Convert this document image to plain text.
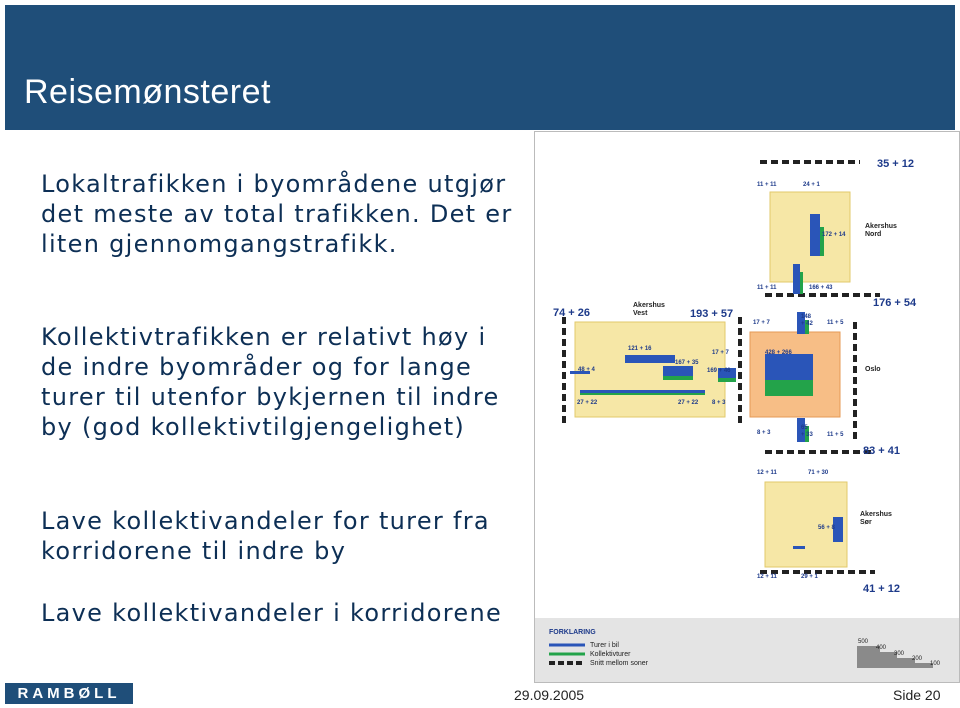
Reisemønsteret
Lokaltrafikken i byområdene utgjør det meste av total trafikken. Det er liten gjennomgangstrafikk.
Kollektivtrafikken er relativt høy i de indre byområder og for lange turer til utenfor bykjernen til indre by (god kollektivtilgjengelighet)
Lave kollektivandeler for turer fra korridorene til indre by
Lave kollektivandeler i korridorene
Akershus Vest
Akershus Nord
Oslo
Akershus Sør
74 + 26
48 + 4
27 + 22
121 + 16
167 + 35
27 + 22
193 + 57
17 + 7
169 + 46
8 + 3
35 + 12
11 + 11	24 + 1
172 + 14
11 + 11	166 + 43
176 + 54
17 + 7
148 + 42 11 + 5
428 + 266
8 + 3
65 + 33 11 + 5
83 + 41
12 + 11	71 + 30
56 + 8
12 + 11	29 + 1
41 + 12
FORKLARING
Turer i bil
Kollektivturer
Snitt mellom soner
500
400
300
200
100
RAMBØLL	29.09.2005	Side 20
